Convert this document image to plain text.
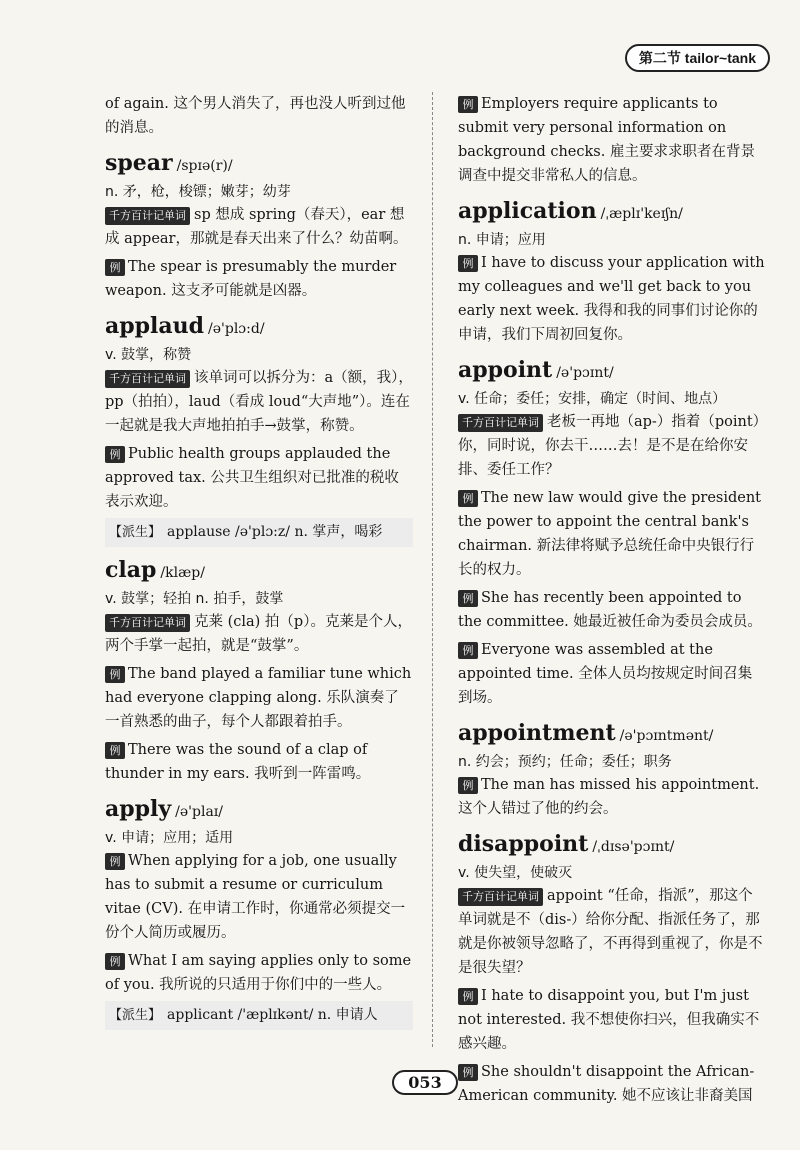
第二节 tailor~tank

of again. 这个男人消失了，再也没人听到过他的消息。

spear /spɪə(r)/

n. 矛，枪，梭镖；嫩芽；幼芽

千方百计记单词 sp 想成 spring（春天），ear 想成 appear，那就是春天出来了什么？幼苗啊。

例 The spear is presumably the murder weapon. 这支矛可能就是凶器。

applaud /ə'plɔ:d/

v. 鼓掌，称赞

千方百计记单词 该单词可以拆分为：a（额，我），pp（拍拍），laud（看成 loud“大声地”）。连在一起就是我大声地拍拍手→鼓掌，称赞。

例 Public health groups applauded the approved tax. 公共卫生组织对已批准的税收表示欢迎。

【派生】 applause /ə'plɔ:z/ n. 掌声，喝彩

clap /klæp/

v. 鼓掌；轻拍 n. 拍手，鼓掌

千方百计记单词 克莱 (cla) 拍（p）。克莱是个人，两个手掌一起拍，就是“鼓掌”。

例 The band played a familiar tune which had everyone clapping along. 乐队演奏了一首熟悉的曲子，每个人都跟着拍手。

例 There was the sound of a clap of thunder in my ears. 我听到一阵雷鸣。

apply /ə'plaɪ/

v. 申请；应用；适用

例 When applying for a job, one usually has to submit a resume or curriculum vitae (CV). 在申请工作时，你通常必须提交一份个人简历或履历。

例 What I am saying applies only to some of you. 我所说的只适用于你们中的一些人。

【派生】 applicant /'æplɪkənt/ n. 申请人

例 Employers require applicants to submit very personal information on background checks. 雇主要求求职者在背景调查中提交非常私人的信息。

application /ˌæplɪ'keɪʃn/

n. 申请；应用

例 I have to discuss your application with my colleagues and we'll get back to you early next week. 我得和我的同事们讨论你的申请，我们下周初回复你。

appoint /ə'pɔɪnt/

v. 任命；委任；安排，确定（时间、地点）

千方百计记单词 老板一再地（ap-）指着（point）你，同时说，你去干……去！是不是在给你安排、委任工作？

例 The new law would give the president the power to appoint the central bank's chairman. 新法律将赋予总统任命中央银行行长的权力。

例 She has recently been appointed to the committee. 她最近被任命为委员会成员。

例 Everyone was assembled at the appointed time. 全体人员均按规定时间召集到场。

appointment /ə'pɔɪntmənt/

n. 约会；预约；任命；委任；职务

例 The man has missed his appointment. 这个人错过了他的约会。

disappoint /ˌdɪsə'pɔɪnt/

v. 使失望，使破灭

千方百计记单词 appoint “任命，指派”，那这个单词就是不（dis-）给你分配、指派任务了，那就是你被领导忽略了，不再得到重视了，你是不是很失望？

例 I hate to disappoint you, but I'm just not interested. 我不想使你扫兴，但我确实不感兴趣。

例 She shouldn't disappoint the African-American community. 她不应该让非裔美国

053
